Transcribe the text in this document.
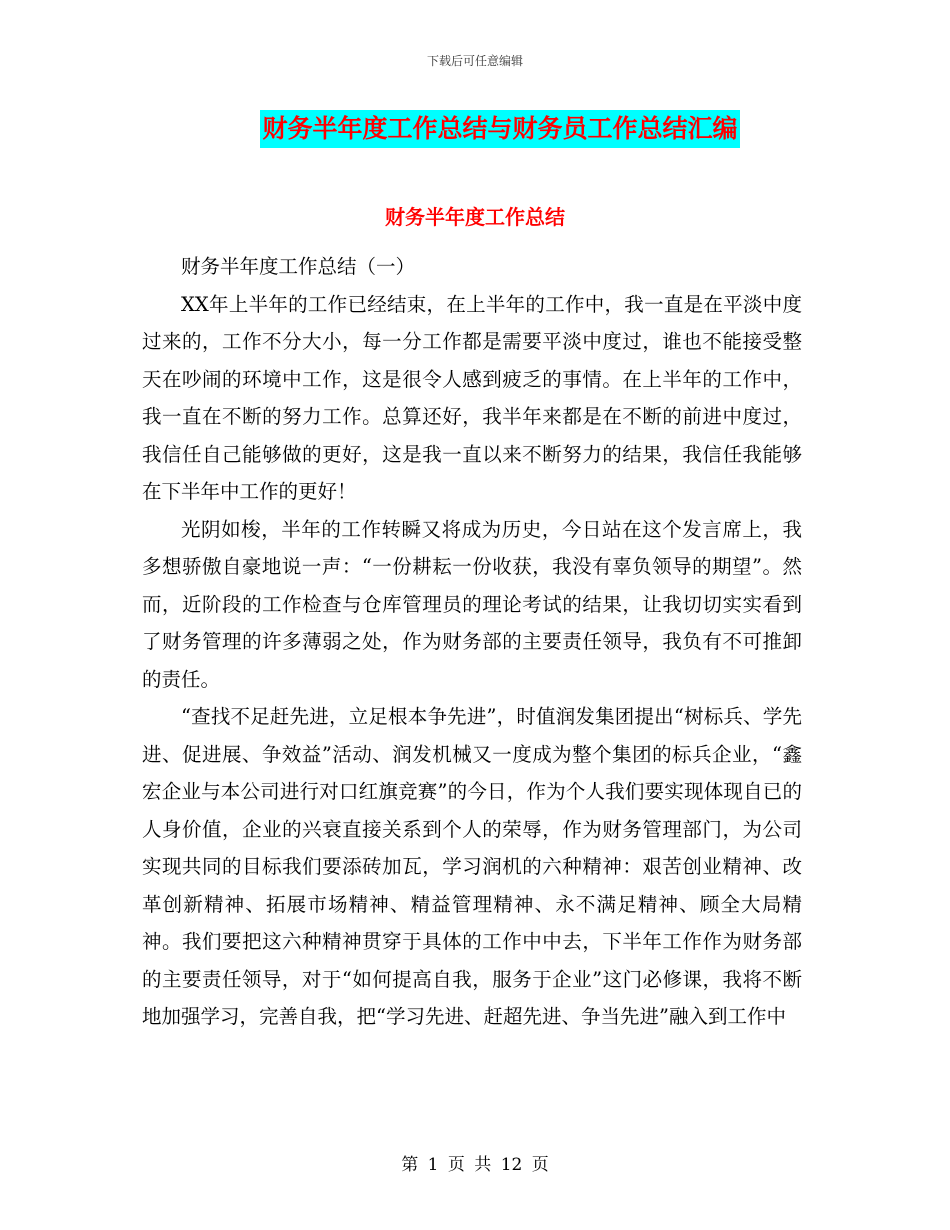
下载后可任意编辑
财务半年度工作总结与财务员工作总结汇编
财务半年度工作总结

财务半年度工作总结（一）

XX年上半年的工作已经结束，在上半年的工作中，我一直是在平淡中度过来的，工作不分大小，每一分工作都是需要平淡中度过，谁也不能接受整天在吵闹的环境中工作，这是很令人感到疲乏的事情。在上半年的工作中，我一直在不断的努力工作。总算还好，我半年来都是在不断的前进中度过，我信任自己能够做的更好，这是我一直以来不断努力的结果，我信任我能够在下半年中工作的更好！

光阴如梭，半年的工作转瞬又将成为历史，今日站在这个发言席上，我多想骄傲自豪地说一声：“一份耕耘一份收获，我没有辜负领导的期望”。然而，近阶段的工作检查与仓库管理员的理论考试的结果，让我切切实实看到了财务管理的许多薄弱之处，作为财务部的主要责任领导，我负有不可推卸的责任。

“查找不足赶先进，立足根本争先进”，时值润发集团提出“树标兵、学先进、促进展、争效益”活动、润发机械又一度成为整个集团的标兵企业，“鑫宏企业与本公司进行对口红旗竞赛”的今日，作为个人我们要实现体现自已的人身价值，企业的兴衰直接关系到个人的荣辱，作为财务管理部门，为公司实现共同的目标我们要添砖加瓦，学习润机的六种精神：艰苦创业精神、改革创新精神、拓展市场精神、精益管理精神、永不满足精神、顾全大局精神。我们要把这六种精神贯穿于具体的工作中中去，下半年工作作为财务部的主要责任领导，对于“如何提高自我，服务于企业”这门必修课，我将不断地加强学习，完善自我，把“学习先进、赶超先进、争当先进”融入到工作中

第 1 页 共 12 页
